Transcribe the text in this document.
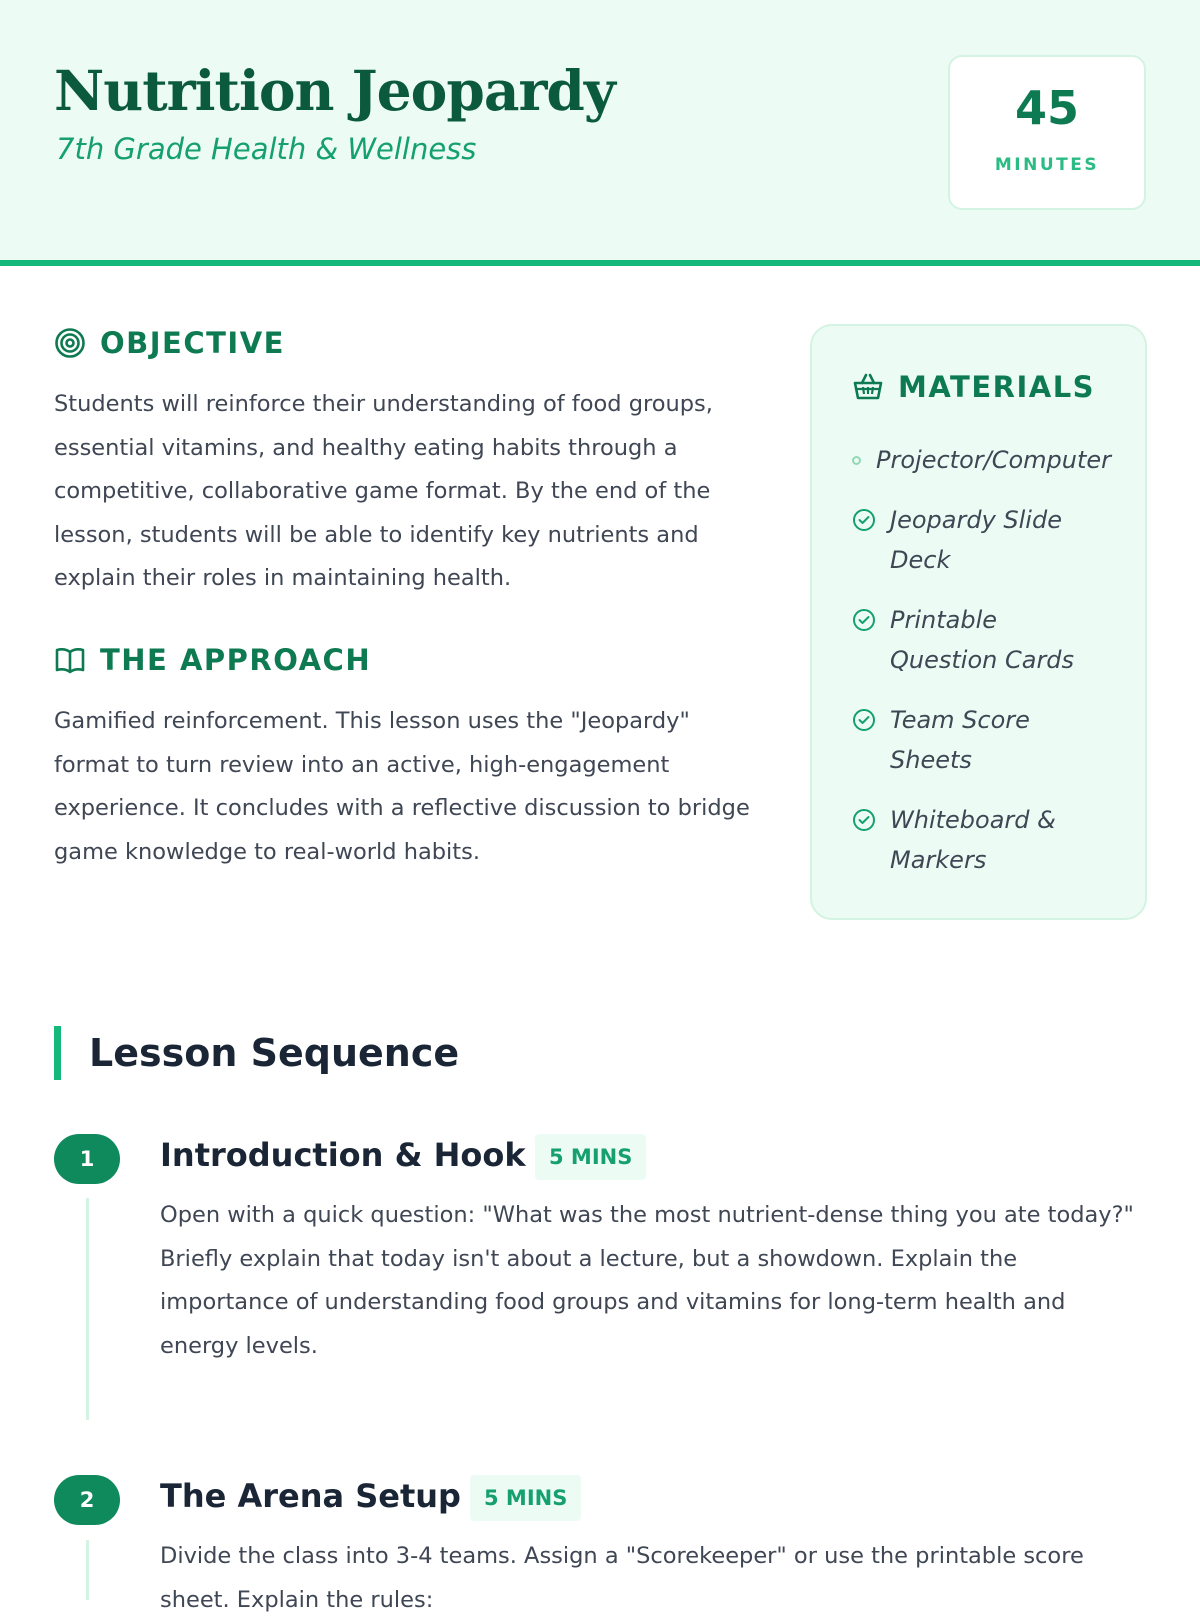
Nutrition Jeopardy
7th Grade Health & Wellness
45
MINUTES
OBJECTIVE
Students will reinforce their understanding of food groups, essential vitamins, and healthy eating habits through a competitive, collaborative game format. By the end of the lesson, students will be able to identify key nutrients and explain their roles in maintaining health.
THE APPROACH
Gamified reinforcement. This lesson uses the "Jeopardy" format to turn review into an active, high-engagement experience. It concludes with a reflective discussion to bridge game knowledge to real-world habits.
MATERIALS
Projector/Computer
Jeopardy Slide Deck
Printable Question Cards
Team Score Sheets
Whiteboard & Markers
Lesson Sequence
1	Introduction & Hook	5 MINS
Open with a quick question: "What was the most nutrient-dense thing you ate today?" Briefly explain that today isn't about a lecture, but a showdown. Explain the importance of understanding food groups and vitamins for long-term health and energy levels.
2	The Arena Setup	5 MINS
Divide the class into 3-4 teams. Assign a "Scorekeeper" or use the printable score sheet. Explain the rules:
